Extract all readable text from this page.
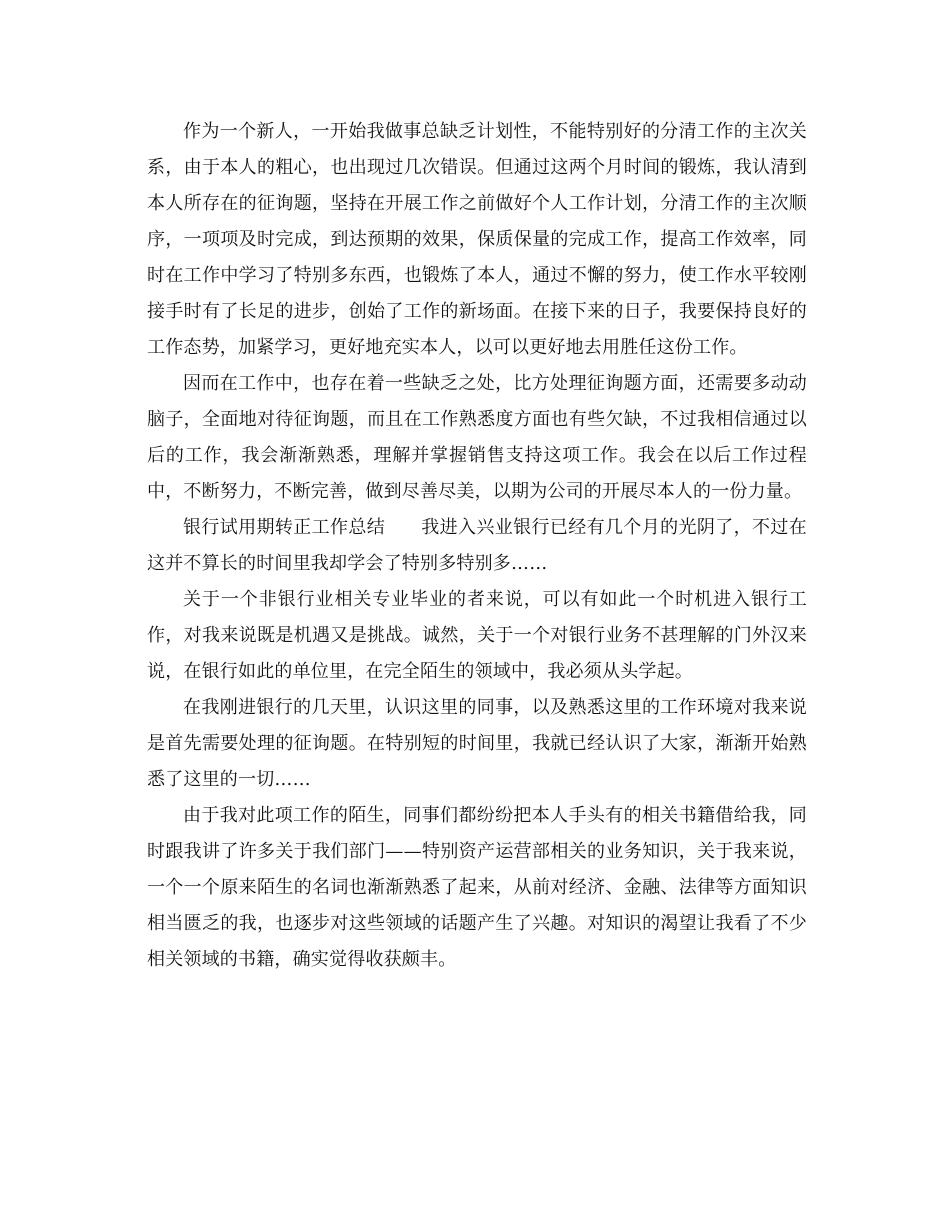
作为一个新人，一开始我做事总缺乏计划性，不能特别好的分清工作的主次关系，由于本人的粗心，也出现过几次错误。但通过这两个月时间的锻炼，我认清到本人所存在的征询题，坚持在开展工作之前做好个人工作计划，分清工作的主次顺序，一项项及时完成，到达预期的效果，保质保量的完成工作，提高工作效率，同时在工作中学习了特别多东西，也锻炼了本人，通过不懈的努力，使工作水平较刚接手时有了长足的进步，创始了工作的新场面。在接下来的日子，我要保持良好的工作态势，加紧学习，更好地充实本人，以可以更好地去用胜任这份工作。

因而在工作中，也存在着一些缺乏之处，比方处理征询题方面，还需要多动动脑子，全面地对待征询题，而且在工作熟悉度方面也有些欠缺，不过我相信通过以后的工作，我会渐渐熟悉，理解并掌握销售支持这项工作。我会在以后工作过程中，不断努力，不断完善，做到尽善尽美，以期为公司的开展尽本人的一份力量。

银行试用期转正工作总结 我进入兴业银行已经有几个月的光阴了，不过在这并不算长的时间里我却学会了特别多特别多……

关于一个非银行业相关专业毕业的者来说，可以有如此一个时机进入银行工作，对我来说既是机遇又是挑战。诚然，关于一个对银行业务不甚理解的门外汉来说，在银行如此的单位里，在完全陌生的领域中，我必须从头学起。

在我刚进银行的几天里，认识这里的同事，以及熟悉这里的工作环境对我来说是首先需要处理的征询题。在特别短的时间里，我就已经认识了大家，渐渐开始熟悉了这里的一切……

由于我对此项工作的陌生，同事们都纷纷把本人手头有的相关书籍借给我，同时跟我讲了许多关于我们部门——特别资产运营部相关的业务知识，关于我来说，一个一个原来陌生的名词也渐渐熟悉了起来，从前对经济、金融、法律等方面知识相当匮乏的我，也逐步对这些领域的话题产生了兴趣。对知识的渴望让我看了不少相关领域的书籍，确实觉得收获颇丰。
